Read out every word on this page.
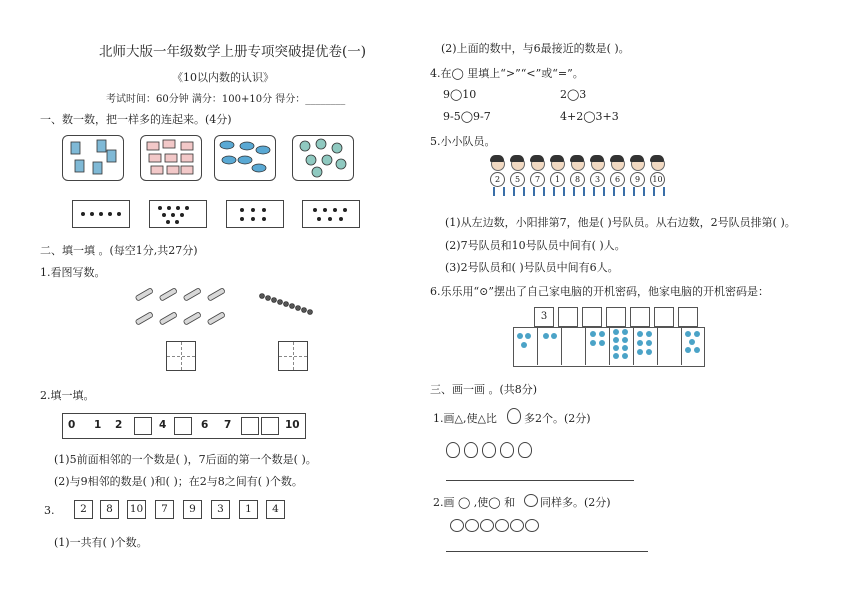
北师大版一年级数学上册专项突破提优卷(一)
《10以内数的认识》
考试时间：60分钟 满分：100+10分 得分：________
一、数一数，把一样多的连起来。(4分)
二、填一填 。(每空1分,共27分)
1.看图写数。
2.填一填。
0 1 2	4	6 7	10
(1)5前面相邻的一个数是( )，7后面的第一个数是( )。
(2)与9相邻的数是( )和( )；在2与8之间有( )个数。
3.	2	8	10	7	9	3	1	4
(1)一共有( )个数。
(2)上面的数中，与6最接近的数是( )。
4.在◯ 里填上“>”“<”或“=”。
9◯10	2◯3
9-5◯9-7	4+2◯3+3
5.小小队员。
2	5	7	1	8	3	6	9	10
(1)从左边数，小阳排第7，他是( )号队员。从右边数，2号队员排第( )。
(2)7号队员和10号队员中间有( )人。
(3)2号队员和( )号队员中间有6人。
6.乐乐用“⊙”摆出了自己家电脑的开机密码，他家电脑的开机密码是：
3
三、画一画 。(共8分)
1.画△,使△比 多2个。(2分)
2.画 ◯ ,使◯ 和 同样多。(2分)
